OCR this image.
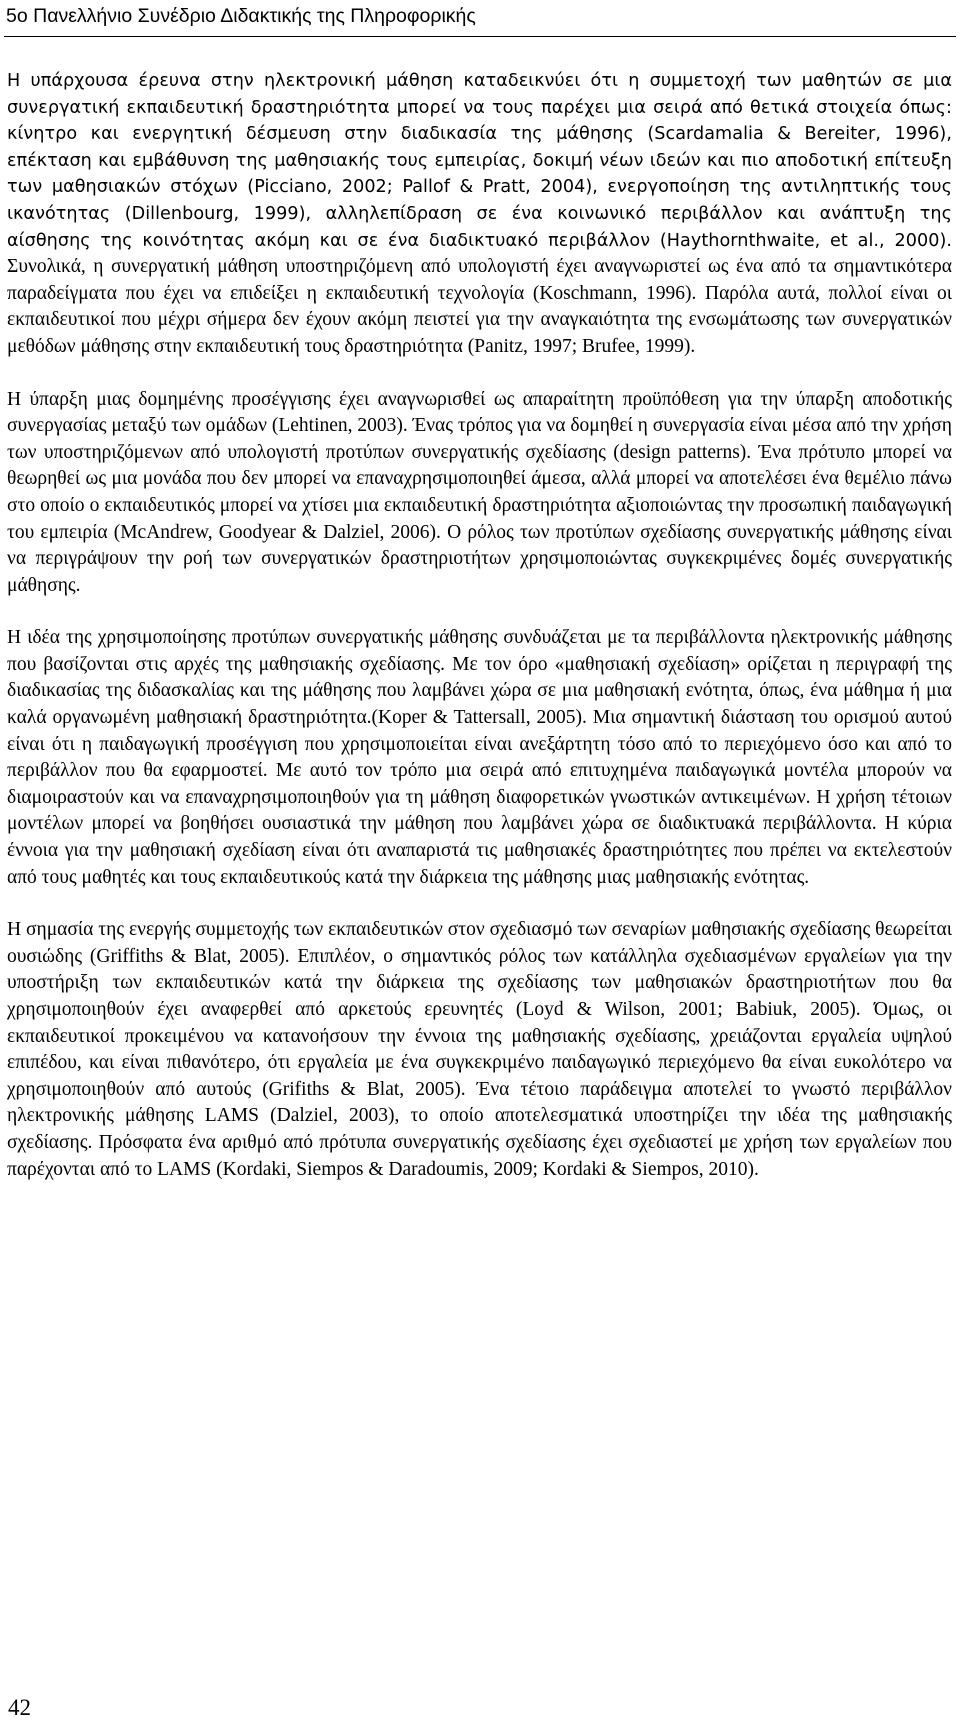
5ο Πανελλήνιο Συνέδριο Διδακτικής της Πληροφορικής

Η υπάρχουσα έρευνα στην ηλεκτρονική μάθηση καταδεικνύει ότι η συμμετοχή των μαθητών σε μια συνεργατική εκπαιδευτική δραστηριότητα μπορεί να τους παρέχει μια σειρά από θετικά στοιχεία όπως: κίνητρο και ενεργητική δέσμευση στην διαδικασία της μάθησης (Scardamalia & Bereiter, 1996), επέκταση και εμβάθυνση της μαθησιακής τους εμπειρίας, δοκιμή νέων ιδεών και πιο αποδοτική επίτευξη των μαθησιακών στόχων (Picciano, 2002; Pallof & Pratt, 2004), ενεργοποίηση της αντιληπτικής τους ικανότητας (Dillenbourg, 1999), αλληλεπίδραση σε ένα κοινωνικό περιβάλλον και ανάπτυξη της αίσθησης της κοινότητας ακόμη και σε ένα διαδικτυακό περιβάλλον (Haythornthwaite, et al., 2000). Συνολικά, η συνεργατική μάθηση υποστηριζόμενη από υπολογιστή έχει αναγνωριστεί ως ένα από τα σημαντικότερα παραδείγματα που έχει να επιδείξει η εκπαιδευτική τεχνολογία (Koschmann, 1996). Παρόλα αυτά, πολλοί είναι οι εκπαιδευτικοί που μέχρι σήμερα δεν έχουν ακόμη πειστεί για την αναγκαιότητα της ενσωμάτωσης των συνεργατικών μεθόδων μάθησης στην εκπαιδευτική τους δραστηριότητα (Panitz, 1997; Brufee, 1999).

Η ύπαρξη μιας δομημένης προσέγγισης έχει αναγνωρισθεί ως απαραίτητη προϋπόθεση για την ύπαρξη αποδοτικής συνεργασίας μεταξύ των ομάδων (Lehtinen, 2003). Ένας τρόπος για να δομηθεί η συνεργασία είναι μέσα από την χρήση των υποστηριζόμενων από υπολογιστή προτύπων συνεργατικής σχεδίασης (design patterns). Ένα πρότυπο μπορεί να θεωρηθεί ως μια μονάδα που δεν μπορεί να επαναχρησιμοποιηθεί άμεσα, αλλά μπορεί να αποτελέσει ένα θεμέλιο πάνω στο οποίο ο εκπαιδευτικός μπορεί να χτίσει μια εκπαιδευτική δραστηριότητα αξιοποιώντας την προσωπική παιδαγωγική του εμπειρία (McAndrew, Goodyear & Dalziel, 2006). Ο ρόλος των προτύπων σχεδίασης συνεργατικής μάθησης είναι να περιγράψουν την ροή των συνεργατικών δραστηριοτήτων χρησιμοποιώντας συγκεκριμένες δομές συνεργατικής μάθησης.

Η ιδέα της χρησιμοποίησης προτύπων συνεργατικής μάθησης συνδυάζεται με τα περιβάλλοντα ηλεκτρονικής μάθησης που βασίζονται στις αρχές της μαθησιακής σχεδίασης. Με τον όρο «μαθησιακή σχεδίαση» ορίζεται η περιγραφή της διαδικασίας της διδασκαλίας και της μάθησης που λαμβάνει χώρα σε μια μαθησιακή ενότητα, όπως, ένα μάθημα ή μια καλά οργανωμένη μαθησιακή δραστηριότητα.(Koper & Tattersall, 2005). Μια σημαντική διάσταση του ορισμού αυτού είναι ότι η παιδαγωγική προσέγγιση που χρησιμοποιείται είναι ανεξάρτητη τόσο από το περιεχόμενο όσο και από το περιβάλλον που θα εφαρμοστεί. Με αυτό τον τρόπο μια σειρά από επιτυχημένα παιδαγωγικά μοντέλα μπορούν να διαμοιραστούν και να επαναχρησιμοποιηθούν για τη μάθηση διαφορετικών γνωστικών αντικειμένων. Η χρήση τέτοιων μοντέλων μπορεί να βοηθήσει ουσιαστικά την μάθηση που λαμβάνει χώρα σε διαδικτυακά περιβάλλοντα. Η κύρια έννοια για την μαθησιακή σχεδίαση είναι ότι αναπαριστά τις μαθησιακές δραστηριότητες που πρέπει να εκτελεστούν από τους μαθητές και τους εκπαιδευτικούς κατά την διάρκεια της μάθησης μιας μαθησιακής ενότητας.

Η σημασία της ενεργής συμμετοχής των εκπαιδευτικών στον σχεδιασμό των σεναρίων μαθησιακής σχεδίασης θεωρείται ουσιώδης (Griffiths & Blat, 2005). Επιπλέον, ο σημαντικός ρόλος των κατάλληλα σχεδιασμένων εργαλείων για την υποστήριξη των εκπαιδευτικών κατά την διάρκεια της σχεδίασης των μαθησιακών δραστηριοτήτων που θα χρησιμοποιηθούν έχει αναφερθεί από αρκετούς ερευνητές (Loyd & Wilson, 2001; Babiuk, 2005). Όμως, οι εκπαιδευτικοί προκειμένου να κατανοήσουν την έννοια της μαθησιακής σχεδίασης, χρειάζονται εργαλεία υψηλού επιπέδου, και είναι πιθανότερο, ότι εργαλεία με ένα συγκεκριμένο παιδαγωγικό περιεχόμενο θα είναι ευκολότερο να χρησιμοποιηθούν από αυτούς (Grifiths & Blat, 2005). Ένα τέτοιο παράδειγμα αποτελεί το γνωστό περιβάλλον ηλεκτρονικής μάθησης LAMS (Dalziel, 2003), το οποίο αποτελεσματικά υποστηρίζει την ιδέα της μαθησιακής σχεδίασης. Πρόσφατα ένα αριθμό από πρότυπα συνεργατικής σχεδίασης έχει σχεδιαστεί με χρήση των εργαλείων που παρέχονται από το LAMS (Kordaki, Siempos & Daradoumis, 2009; Kordaki & Siempos, 2010).

42
